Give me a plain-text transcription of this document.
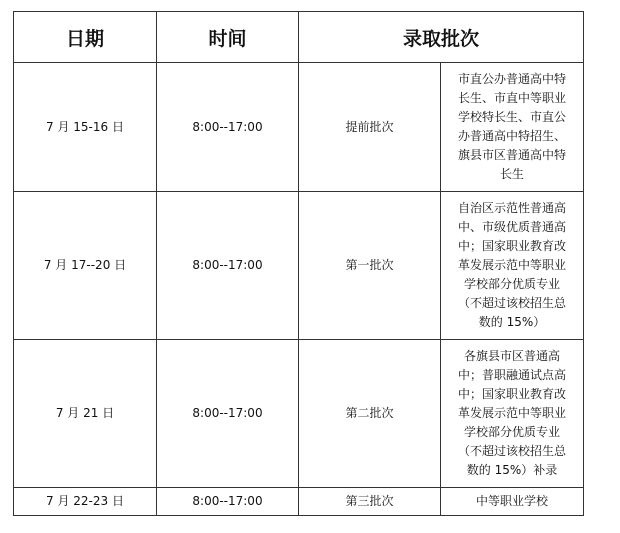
日期	时间	录取批次	
7 月 15-16 日	8:00--17:00	提前批次	市直公办普通高中特长生、市直中等职业学校特长生、市直公办普通高中特招生、旗县市区普通高中特长生
7 月 17--20 日	8:00--17:00	第一批次	自治区示范性普通高中、市级优质普通高中；国家职业教育改革发展示范中等职业学校部分优质专业（不超过该校招生总数的 15%）
7 月 21 日	8:00--17:00	第二批次	各旗县市区普通高中；普职融通试点高中；国家职业教育改革发展示范中等职业学校部分优质专业（不超过该校招生总数的 15%）补录
7 月 22-23 日	8:00--17:00	第三批次	中等职业学校
